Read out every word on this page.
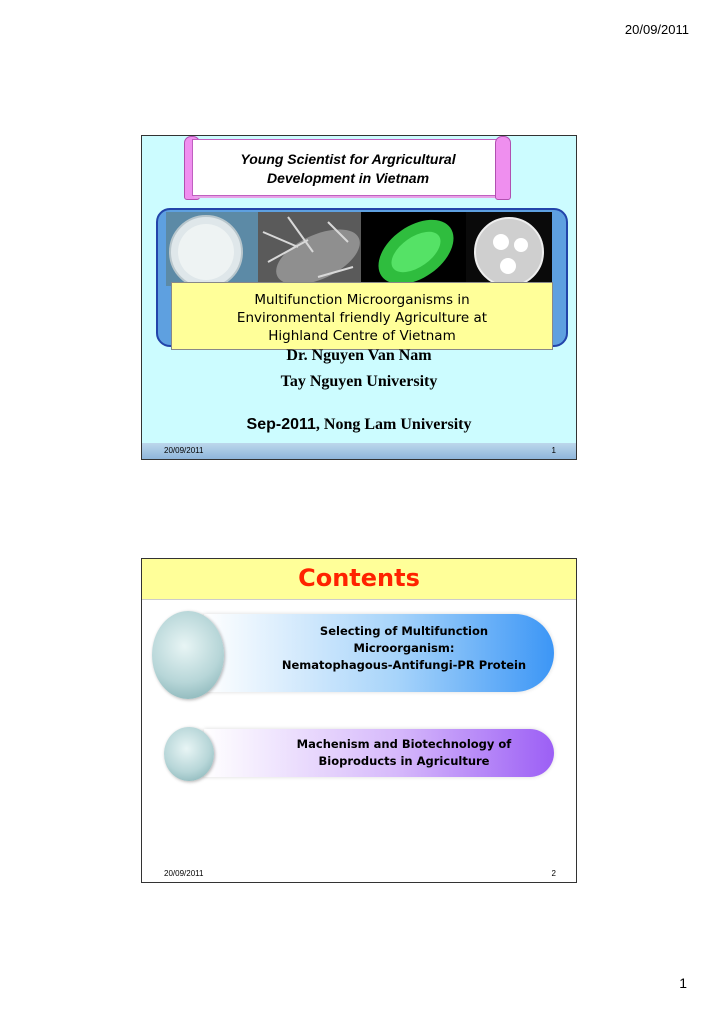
20/09/2011
Young Scientist for Argricultural
Development in Vietnam
Multifunction Microorganisms in
Environmental friendly Agriculture at
Highland Centre of Vietnam
Dr. Nguyen Van Nam
Tay Nguyen University
Sep-2011, Nong Lam University
20/09/2011	1
Contents
Selecting of Multifunction
Microorganism:
Nematophagous-Antifungi-PR Protein
Machenism and Biotechnology of
Bioproducts in Agriculture
20/09/2011	2
1
